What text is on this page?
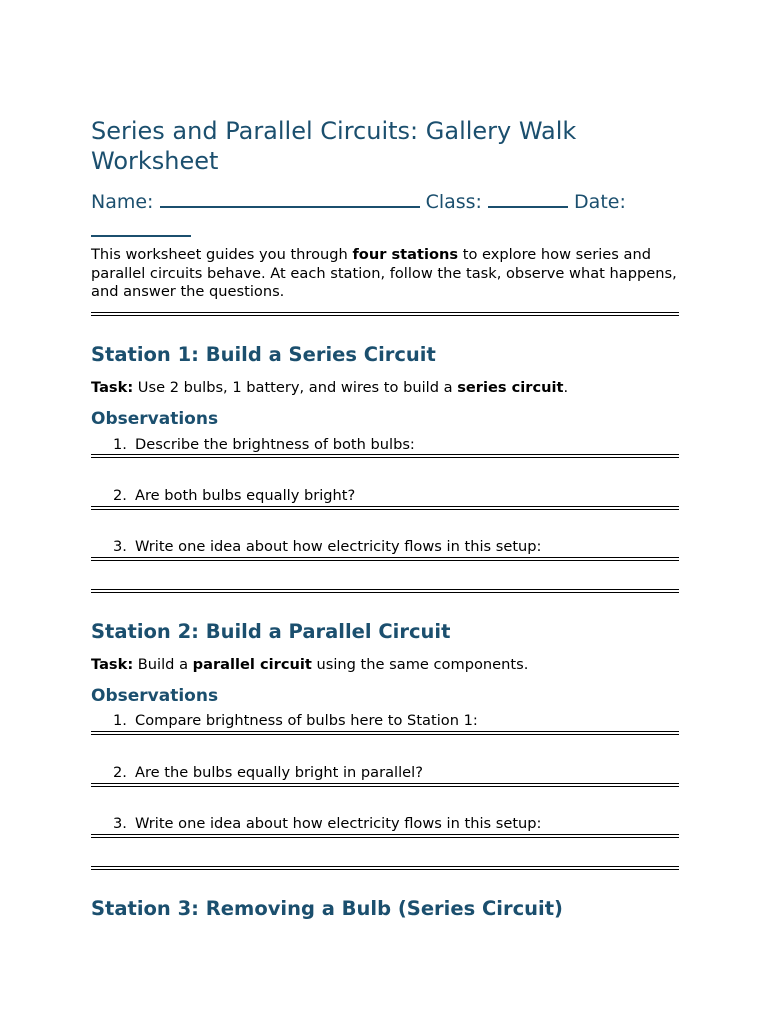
Series and Parallel Circuits: Gallery Walk Worksheet
Name:	Class:	Date:

This worksheet guides you through four stations to explore how series and parallel circuits behave. At each station, follow the task, observe what happens, and answer the questions.

Station 1: Build a Series Circuit

Task: Use 2 bulbs, 1 battery, and wires to build a series circuit.

Observations
1. Describe the brightness of both bulbs:
2. Are both bulbs equally bright?
3. Write one idea about how electricity flows in this setup:
Station 2: Build a Parallel Circuit

Task: Build a parallel circuit using the same components.

Observations
1. Compare brightness of bulbs here to Station 1:
2. Are the bulbs equally bright in parallel?
3. Write one idea about how electricity flows in this setup:
Station 3: Removing a Bulb (Series Circuit)
